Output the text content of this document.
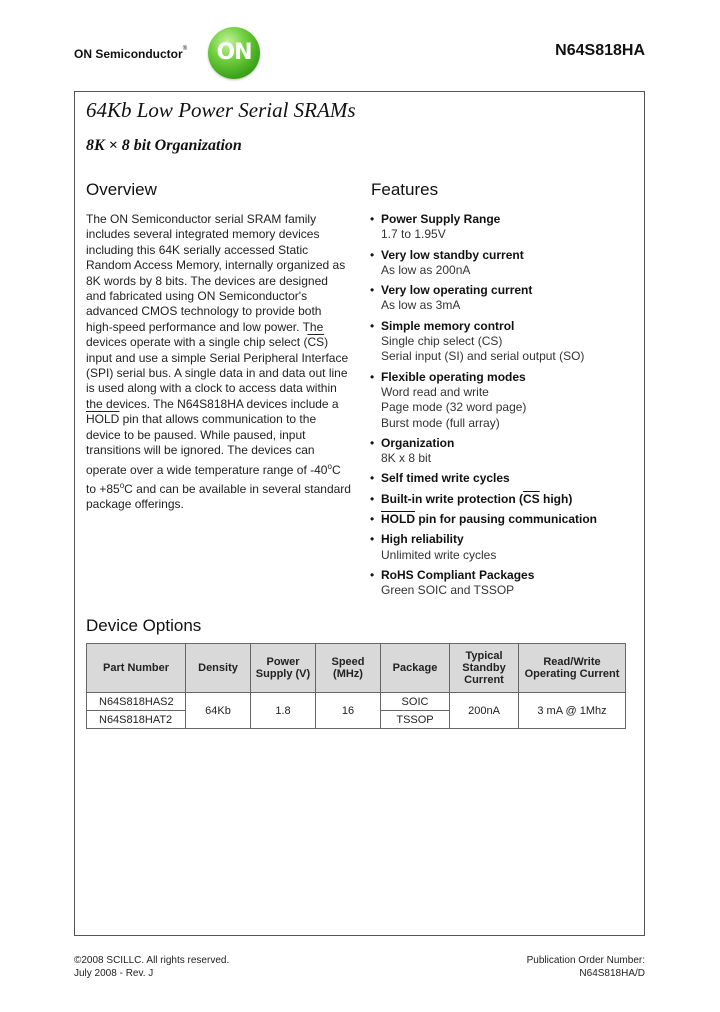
ON Semiconductor®	ON	N64S818HA
64Kb Low Power Serial SRAMs
8K × 8 bit Organization
Overview

The ON Semiconductor serial SRAM family includes several integrated memory devices including this 64K serially accessed Static Random Access Memory, internally organized as 8K words by 8 bits. The devices are designed and fabricated using ON Semiconductor's advanced CMOS technology to provide both high-speed performance and low power. The devices operate with a single chip select $(\overline{CS})$ input and use a simple Serial Peripheral Interface (SPI) serial bus. A single data in and data out line is used along with a clock to access data within the devices. The N64S818HA devices include a HOLD pin that allows communication to the device to be paused. While paused, input transitions will be ignored. The devices can operate over a wide temperature range of -40$^o$C to $+85^oC$ and can be available in several standard package offerings.

Features
• Power Supply Range
1.7 to 1.95V
• Very low standby current
As low as 200nA
• Very low operating current
As low as 3mA
• Simple memory control
Single chip select (CS)
Serial input (SI) and serial output (SO)
• Flexible operating modes
Word read and write
Page mode (32 word page)
Burst mode (full array)
• Organization
8K x 8 bit
• Self timed write cycles
• Built-in write protection ($\overline{CS}$ high)
• HOLD pin for pausing communication
• High reliability
Unlimited write cycles
• RoHS Compliant Packages
Green SOIC and TSSOP
Device Options
Part Number	Density	Power Supply (V)	Speed (MHz)	Package	Typical Standby Current	Read/Write Operating Current
N64S818HAS2	64Kb	1.8	16	SOIC	200nA	3 mA @ 1Mhz
N64S818HAT2				TSSOP		
©2008 SCILLC. All rights reserved.
July 2008 - Rev. J
Publication Order Number:
N64S818HA/D
